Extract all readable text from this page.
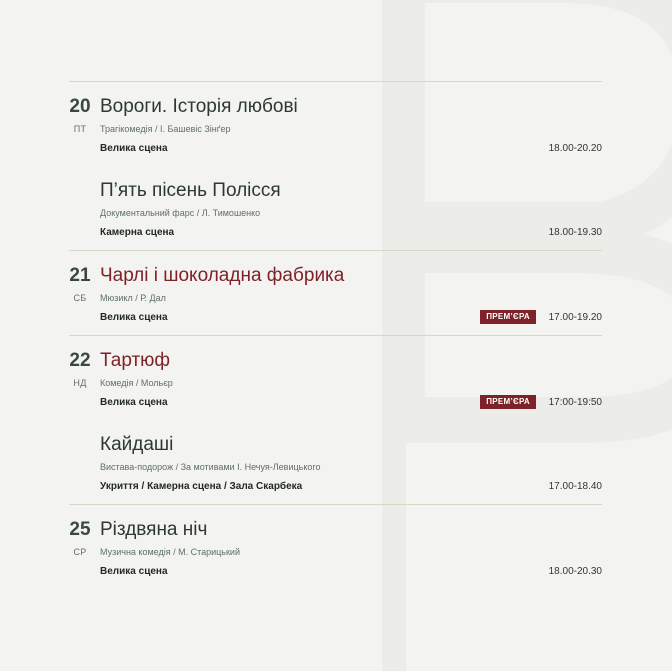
20
ПТ
Вороги. Історія любові
Трагікомедія / І. Башевіс Зінґер
Велика сцена	18.00-20.20
П’ять пісень Полісся
Документальний фарс / Л. Тимошенко
Камерна сцена	18.00-19.30
21
СБ
Чарлі і шоколадна фабрика
Мюзикл / Р. Дал
Велика сцена	ПРЕМ’ЄРА	17.00-19.20
22
НД
Тартюф
Комедія / Мольєр
Велика сцена	ПРЕМ’ЄРА	17:00-19:50
Кайдаші
Вистава-подорож / За мотивами І. Нечуя-Левицького
Укриття / Камерна сцена / Зала Скарбека	17.00-18.40
25
СР
Різдвяна ніч
Музична комедія / М. Старицький
Велика сцена	18.00-20.30
